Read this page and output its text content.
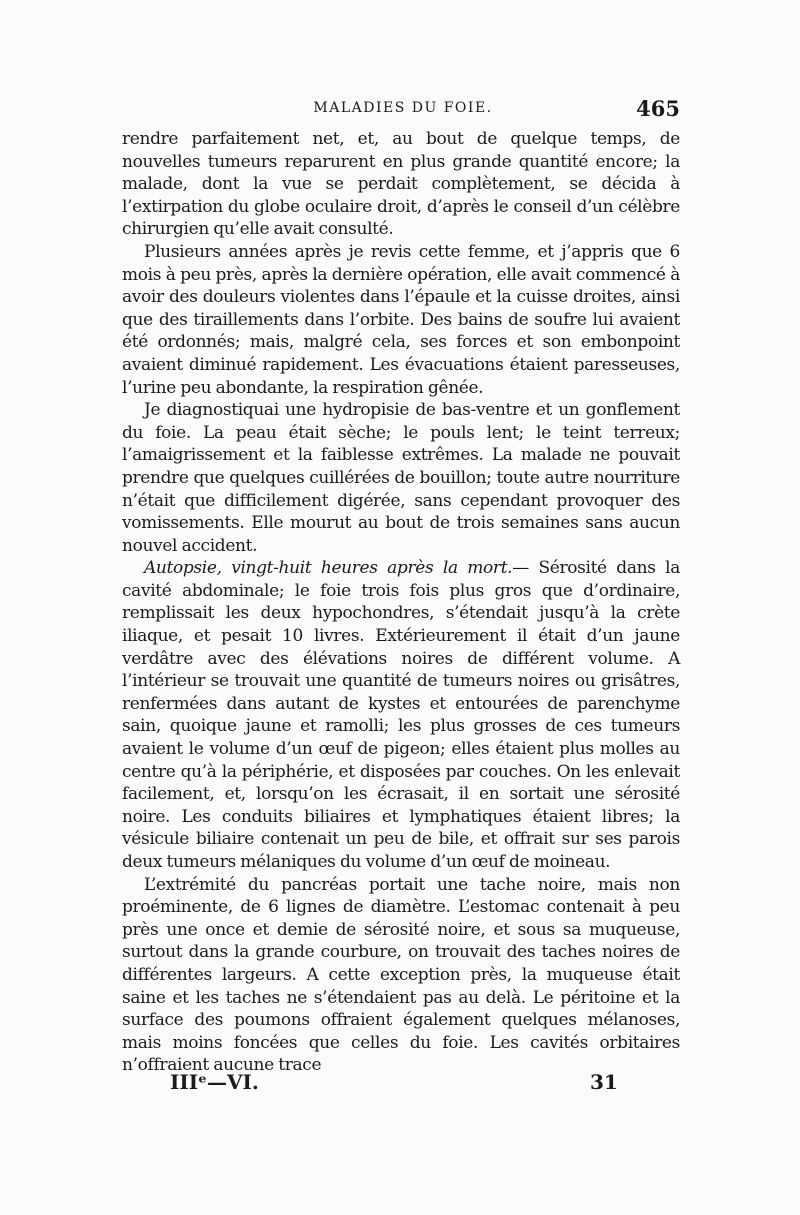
MALADIES DU FOIE.	465

rendre parfaitement net, et, au bout de quelque temps, de nouvelles tumeurs reparurent en plus grande quantité encore; la malade, dont la vue se perdait complètement, se décida à l’extirpation du globe oculaire droit, d’après le conseil d’un célèbre chirurgien qu’elle avait consulté.

Plusieurs années après je revis cette femme, et j’appris que 6 mois à peu près, après la dernière opération, elle avait commencé à avoir des douleurs violentes dans l’épaule et la cuisse droites, ainsi que des tiraillements dans l’orbite. Des bains de soufre lui avaient été ordonnés; mais, malgré cela, ses forces et son embonpoint avaient diminué rapidement. Les évacuations étaient paresseuses, l’urine peu abondante, la respiration gênée.

Je diagnostiquai une hydropisie de bas-ventre et un gonflement du foie. La peau était sèche; le pouls lent; le teint terreux; l’amaigrissement et la faiblesse extrêmes. La malade ne pouvait prendre que quelques cuillérées de bouillon; toute autre nourriture n’était que difficilement digérée, sans cependant provoquer des vomissements. Elle mourut au bout de trois semaines sans aucun nouvel accident.

Autopsie, vingt-huit heures après la mort.— Sérosité dans la cavité abdominale; le foie trois fois plus gros que d’ordinaire, remplissait les deux hypochondres, s’étendait jusqu’à la crète iliaque, et pesait 10 livres. Extérieurement il était d’un jaune verdâtre avec des élévations noires de différent volume. A l’intérieur se trouvait une quantité de tumeurs noires ou grisâtres, renfermées dans autant de kystes et entourées de parenchyme sain, quoique jaune et ramolli; les plus grosses de ces tumeurs avaient le volume d’un œuf de pigeon; elles étaient plus molles au centre qu’à la périphérie, et disposées par couches. On les enlevait facilement, et, lorsqu’on les écrasait, il en sortait une sérosité noire. Les conduits biliaires et lymphatiques étaient libres; la vésicule biliaire contenait un peu de bile, et offrait sur ses parois deux tumeurs mélaniques du volume d’un œuf de moineau.

L’extrémité du pancréas portait une tache noire, mais non proéminente, de 6 lignes de diamètre. L’estomac contenait à peu près une once et demie de sérosité noire, et sous sa muqueuse, surtout dans la grande courbure, on trouvait des taches noires de différentes largeurs. A cette exception près, la muqueuse était saine et les taches ne s’étendaient pas au delà. Le péritoine et la surface des poumons offraient également quelques mélanoses, mais moins foncées que celles du foie. Les cavités orbitaires n’offraient aucune trace

IIIᵉ—VI.	31
